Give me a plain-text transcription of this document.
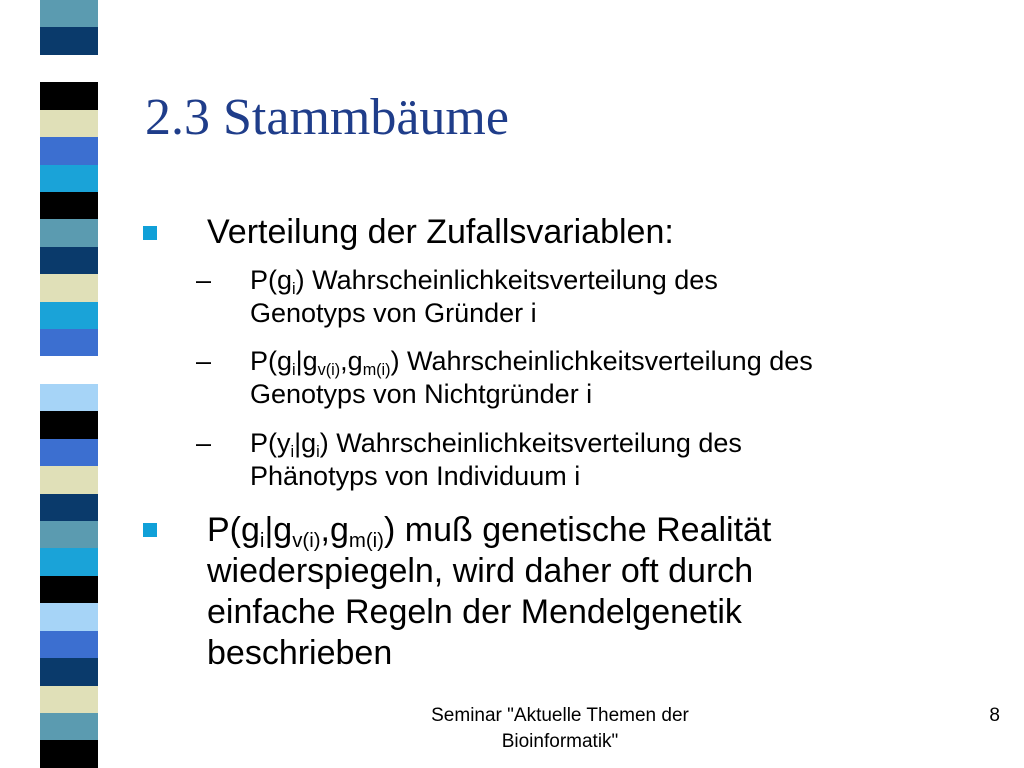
2.3 Stammbäume
Verteilung der Zufallsvariablen:
– $P(g_i)$ Wahrscheinlichkeitsverteilung des
Genotyps von Gründer i
– $P(g_i|g_{v(i)},g_{m(i)})$ Wahrscheinlichkeitsverteilung des
Genotyps von Nichtgründer i
– $P(y_i|g_i)$ Wahrscheinlichkeitsverteilung des
Phänotyps von Individuum i
$P(g_i|g_{v(i)},g_{m(i)})$ muß genetische Realität
wiederspiegeln, wird daher oft durch
einfache Regeln der Mendelgenetik
beschrieben
Seminar "Aktuelle Themen der
Bioinformatik"
8
